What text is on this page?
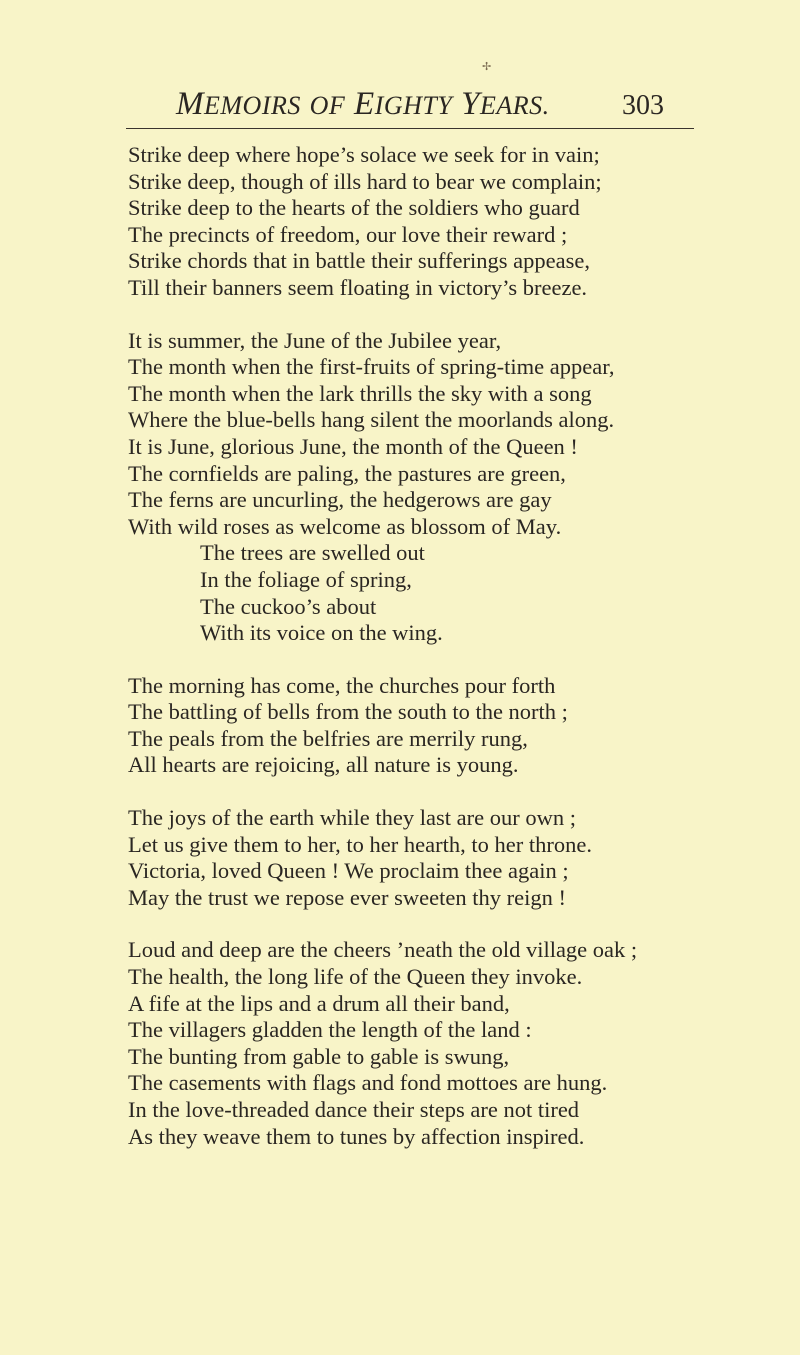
✢
MEMOIRS OF EIGHTY YEARS.	303
Strike deep where hope’s solace we seek for in vain;
Strike deep, though of ills hard to bear we complain;
Strike deep to the hearts of the soldiers who guard
The precincts of freedom, our love their reward ;
Strike chords that in battle their sufferings appease,
Till their banners seem floating in victory’s breeze.
It is summer, the June of the Jubilee year,
The month when the first-fruits of spring-time appear,
The month when the lark thrills the sky with a song
Where the blue-bells hang silent the moorlands along.
It is June, glorious June, the month of the Queen !
The cornfields are paling, the pastures are green,
The ferns are uncurling, the hedgerows are gay
With wild roses as welcome as blossom of May.
The trees are swelled out
In the foliage of spring,
The cuckoo’s about
With its voice on the wing.
The morning has come, the churches pour forth
The battling of bells from the south to the north ;
The peals from the belfries are merrily rung,
All hearts are rejoicing, all nature is young.
The joys of the earth while they last are our own ;
Let us give them to her, to her hearth, to her throne.
Victoria, loved Queen ! We proclaim thee again ;
May the trust we repose ever sweeten thy reign !
Loud and deep are the cheers ’neath the old village oak ;
The health, the long life of the Queen they invoke.
A fife at the lips and a drum all their band,
The villagers gladden the length of the land :
The bunting from gable to gable is swung,
The casements with flags and fond mottoes are hung.
In the love-threaded dance their steps are not tired
As they weave them to tunes by affection inspired.
